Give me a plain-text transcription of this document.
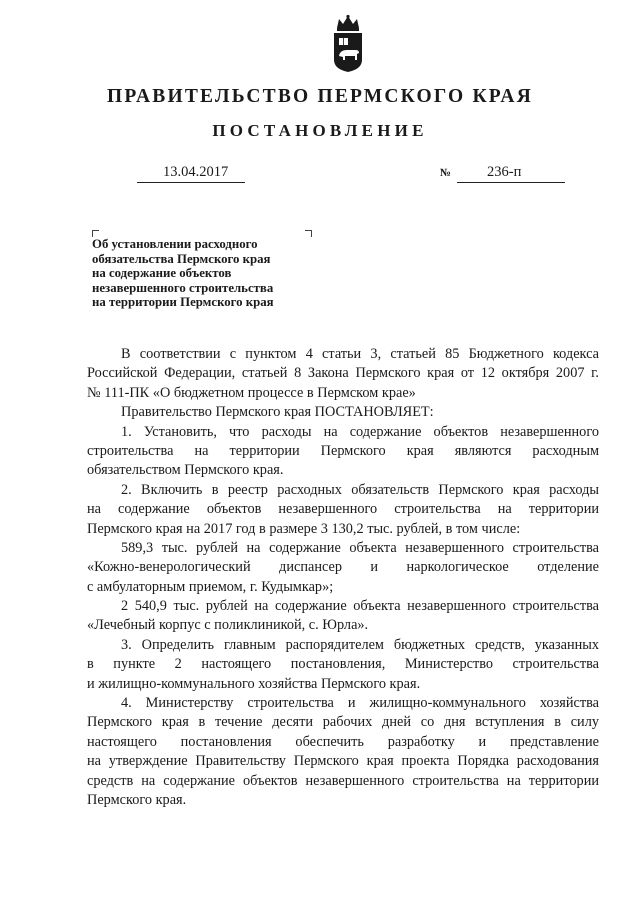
ПРАВИТЕЛЬСТВО ПЕРМСКОГО КРАЯ
ПОСТАНОВЛЕНИЕ
13.04.2017	№ 236-п
Об установлении расходного
обязательства Пермского края
на содержание объектов
незавершенного строительства
на территории Пермского края
В соответствии с пунктом 4 статьи 3, статьей 85 Бюджетного кодекса
Российской Федерации, статьей 8 Закона Пермского края от 12 октября 2007 г.
№ 111-ПК «О бюджетном процессе в Пермском крае»
Правительство Пермского края ПОСТАНОВЛЯЕТ:
1. Установить, что расходы на содержание объектов незавершенного
строительства на территории Пермского края являются расходным
обязательством Пермского края.
2. Включить в реестр расходных обязательств Пермского края расходы
на содержание объектов незавершенного строительства на территории
Пермского края на 2017 год в размере 3 130,2 тыс. рублей, в том числе:
589,3 тыс. рублей на содержание объекта незавершенного строительства
«Кожно-венерологический диспансер и наркологическое отделение
с амбулаторным приемом, г. Кудымкар»;
2 540,9 тыс. рублей на содержание объекта незавершенного строительства
«Лечебный корпус с поликлиникой, с. Юрла».
3. Определить главным распорядителем бюджетных средств, указанных
в пункте 2 настоящего постановления, Министерство строительства
и жилищно-коммунального хозяйства Пермского края.
4. Министерству строительства и жилищно-коммунального хозяйства
Пермского края в течение десяти рабочих дней со дня вступления в силу
настоящего постановления обеспечить разработку и представление
на утверждение Правительству Пермского края проекта Порядка расходования
средств на содержание объектов незавершенного строительства на территории
Пермского края.
